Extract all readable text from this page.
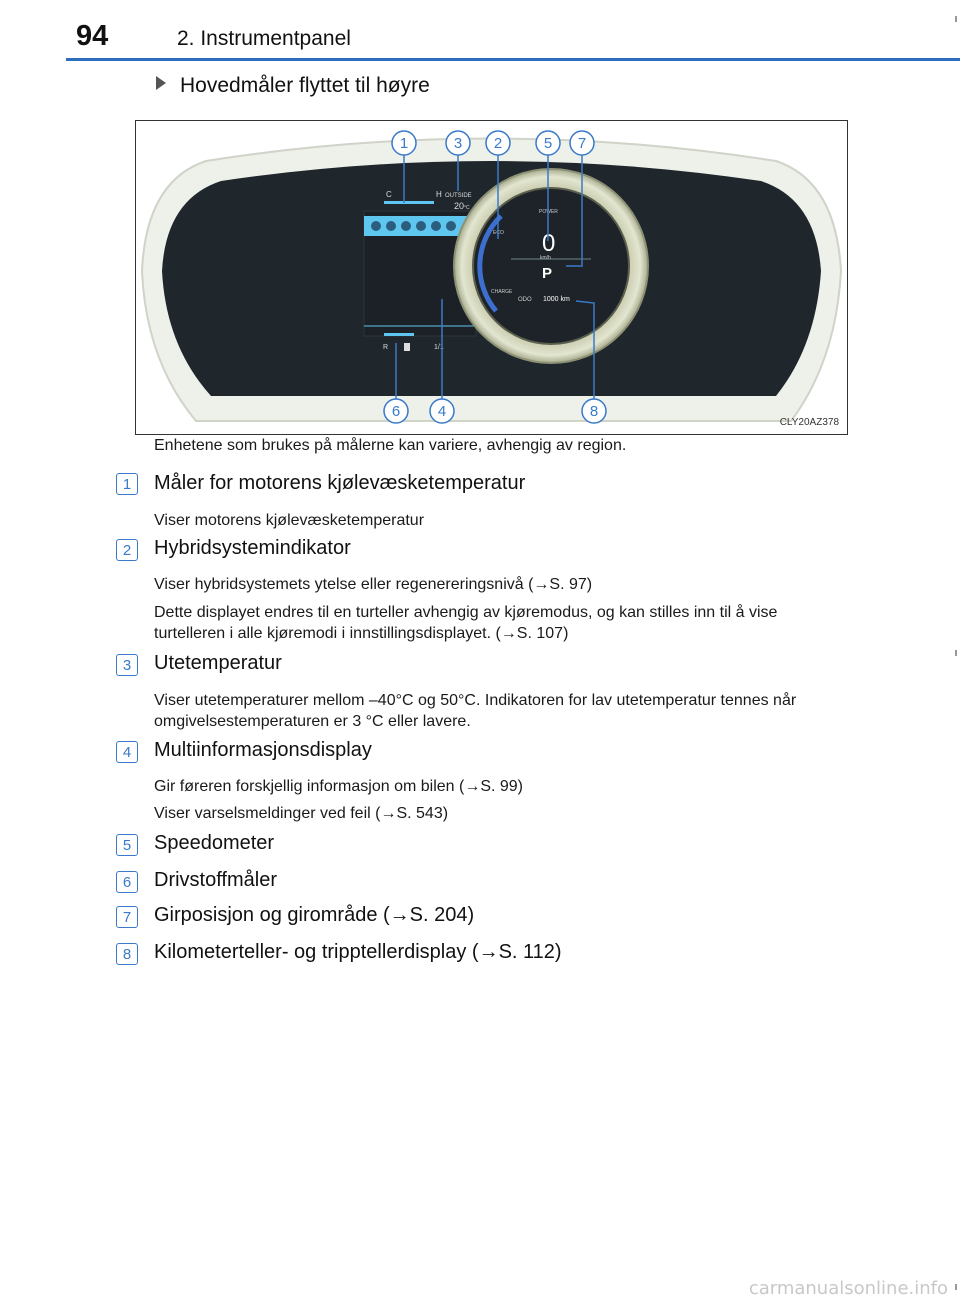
94	2. Instrumentpanel
Hovedmåler flyttet til høyre
C	H OUTSIDE
20°C
R	1/1
POWER
ECO
CHARGE
0
km/h
P
ODO 1000 km
1	3 2	5 7
6	4	8
CLY20AZ378
Enhetene som brukes på målerne kan variere, avhengig av region.
1	Måler for motorens kjølevæsketemperatur
Viser motorens kjølevæsketemperatur
2	Hybridsystemindikator
Viser hybridsystemets ytelse eller regenereringsnivå (→S. 97)
Dette displayet endres til en turteller avhengig av kjøremodus, og kan stilles inn til å vise turtelleren i alle kjøremodi i innstillingsdisplayet. (→S. 107)
3	Utetemperatur
Viser utetemperaturer mellom –40°C og 50°C. Indikatoren for lav utetemperatur tennes når omgivelsestemperaturen er 3 °C eller lavere.
4	Multiinformasjonsdisplay
Gir føreren forskjellig informasjon om bilen (→S. 99)
Viser varselsmeldinger ved feil (→S. 543)
5	Speedometer
6	Drivstoffmåler
7	Girposisjon og girområde (→S. 204)
8	Kilometerteller- og tripptellerdisplay (→S. 112)
carmanualsonline.info
